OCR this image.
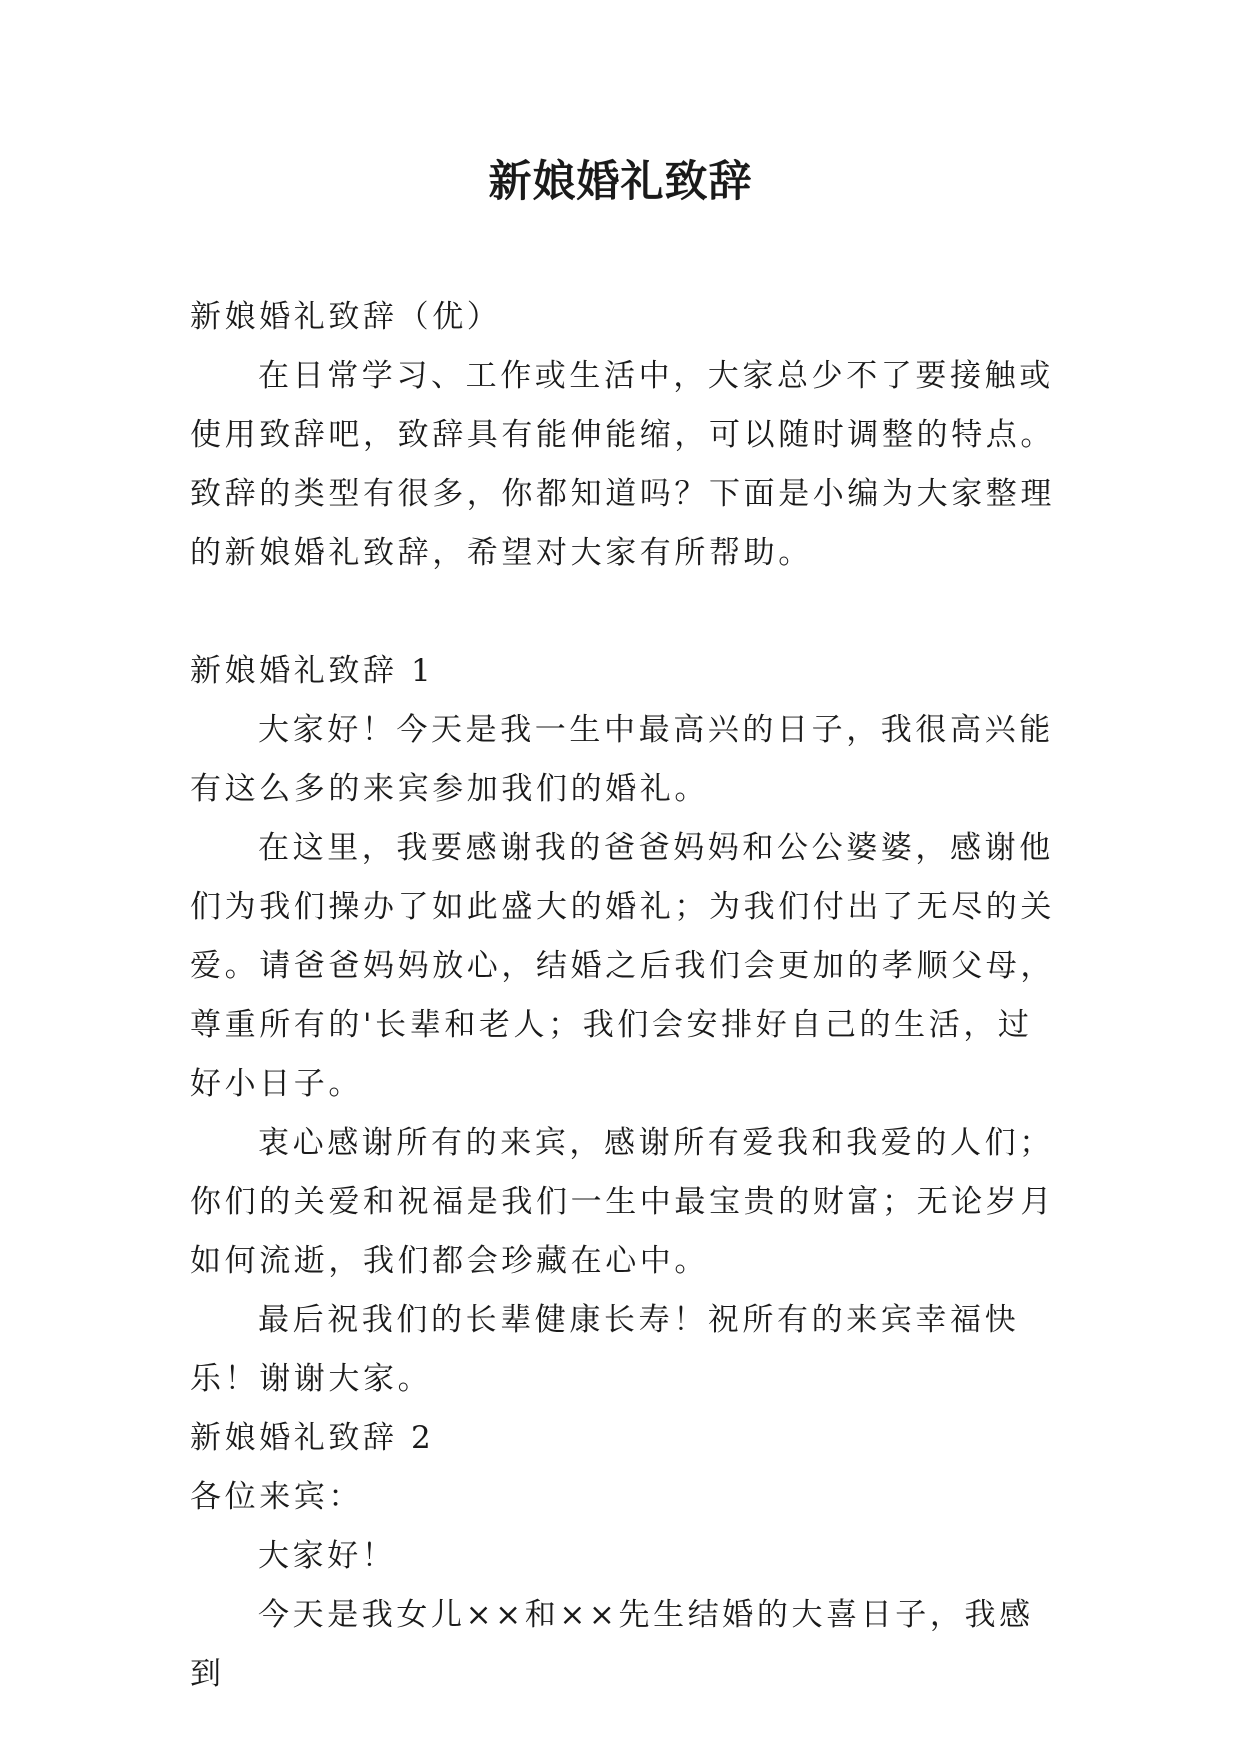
新娘婚礼致辞

新娘婚礼致辞（优）

在日常学习、工作或生活中，大家总少不了要接触或使用致辞吧，致辞具有能伸能缩，可以随时调整的特点。致辞的类型有很多，你都知道吗？下面是小编为大家整理的新娘婚礼致辞，希望对大家有所帮助。

新娘婚礼致辞 1

大家好！今天是我一生中最高兴的日子，我很高兴能有这么多的来宾参加我们的婚礼。

在这里，我要感谢我的爸爸妈妈和公公婆婆，感谢他们为我们操办了如此盛大的婚礼；为我们付出了无尽的关爱。请爸爸妈妈放心，结婚之后我们会更加的孝顺父母，尊重所有的'长辈和老人；我们会安排好自己的生活，过好小日子。

衷心感谢所有的来宾，感谢所有爱我和我爱的人们；你们的关爱和祝福是我们一生中最宝贵的财富；无论岁月如何流逝，我们都会珍藏在心中。

最后祝我们的长辈健康长寿！祝所有的来宾幸福快乐！谢谢大家。

新娘婚礼致辞 2

各位来宾：

大家好！

今天是我女儿××和××先生结婚的大喜日子，我感到
